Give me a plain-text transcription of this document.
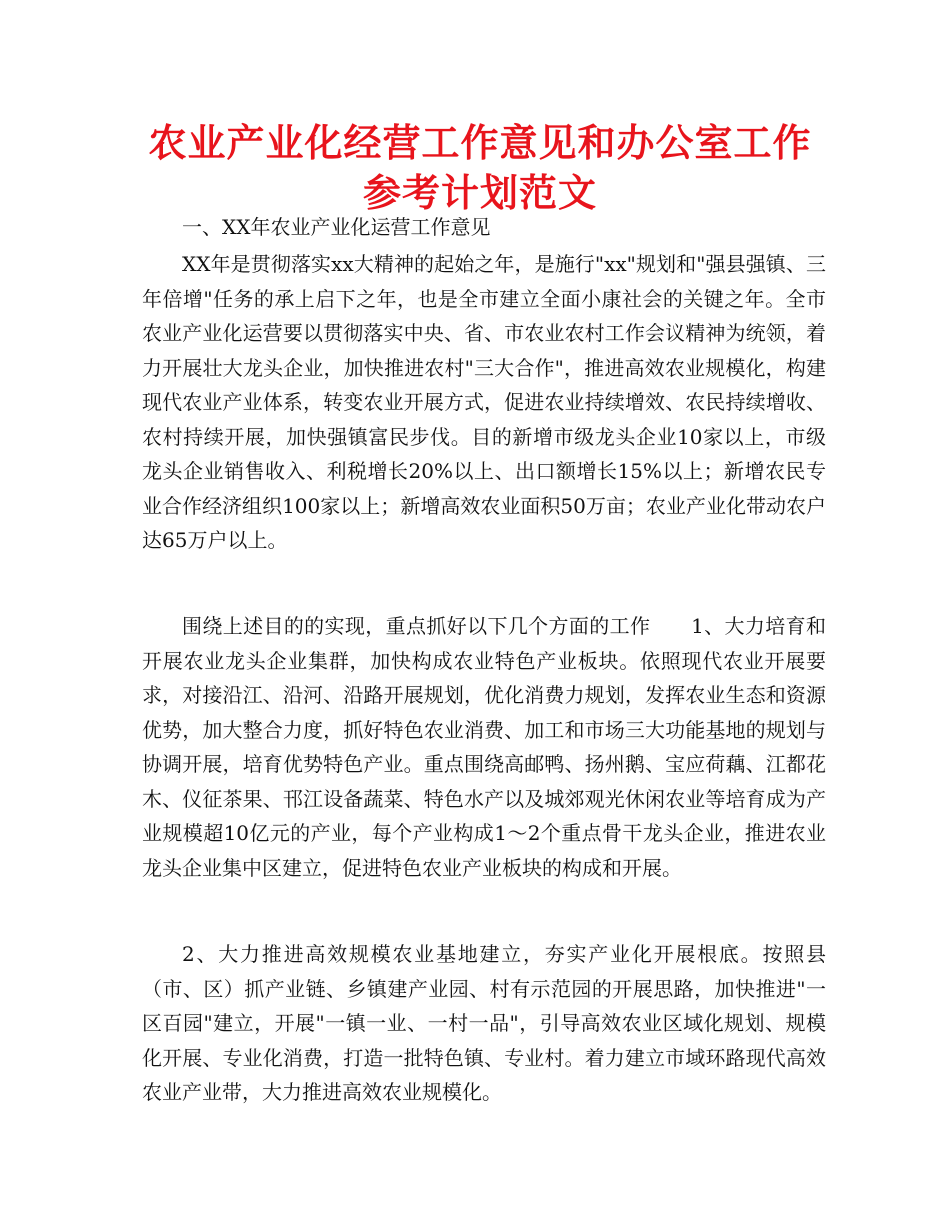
农业产业化经营工作意见和办公室工作参考计划范文

一、XX年农业产业化运营工作意见

XX年是贯彻落实xx大精神的起始之年，是施行"xx"规划和"强县强镇、三年倍增"任务的承上启下之年，也是全市建立全面小康社会的关键之年。全市农业产业化运营要以贯彻落实中央、省、市农业农村工作会议精神为统领，着力开展壮大龙头企业，加快推进农村"三大合作"，推进高效农业规模化，构建现代农业产业体系，转变农业开展方式，促进农业持续增效、农民持续增收、农村持续开展，加快强镇富民步伐。目的新增市级龙头企业10家以上，市级龙头企业销售收入、利税增长20%以上、出口额增长15%以上；新增农民专业合作经济组织100家以上；新增高效农业面积50万亩；农业产业化带动农户达65万户以上。

围绕上述目的的实现，重点抓好以下几个方面的工作　　1、大力培育和开展农业龙头企业集群，加快构成农业特色产业板块。依照现代农业开展要求，对接沿江、沿河、沿路开展规划，优化消费力规划，发挥农业生态和资源优势，加大整合力度，抓好特色农业消费、加工和市场三大功能基地的规划与协调开展，培育优势特色产业。重点围绕高邮鸭、扬州鹅、宝应荷藕、江都花木、仪征茶果、邗江设备蔬菜、特色水产以及城郊观光休闲农业等培育成为产业规模超10亿元的产业，每个产业构成1～2个重点骨干龙头企业，推进农业龙头企业集中区建立，促进特色农业产业板块的构成和开展。

2、大力推进高效规模农业基地建立，夯实产业化开展根底。按照县（市、区）抓产业链、乡镇建产业园、村有示范园的开展思路，加快推进"一区百园"建立，开展"一镇一业、一村一品"，引导高效农业区域化规划、规模化开展、专业化消费，打造一批特色镇、专业村。着力建立市域环路现代高效农业产业带，大力推进高效农业规模化。
